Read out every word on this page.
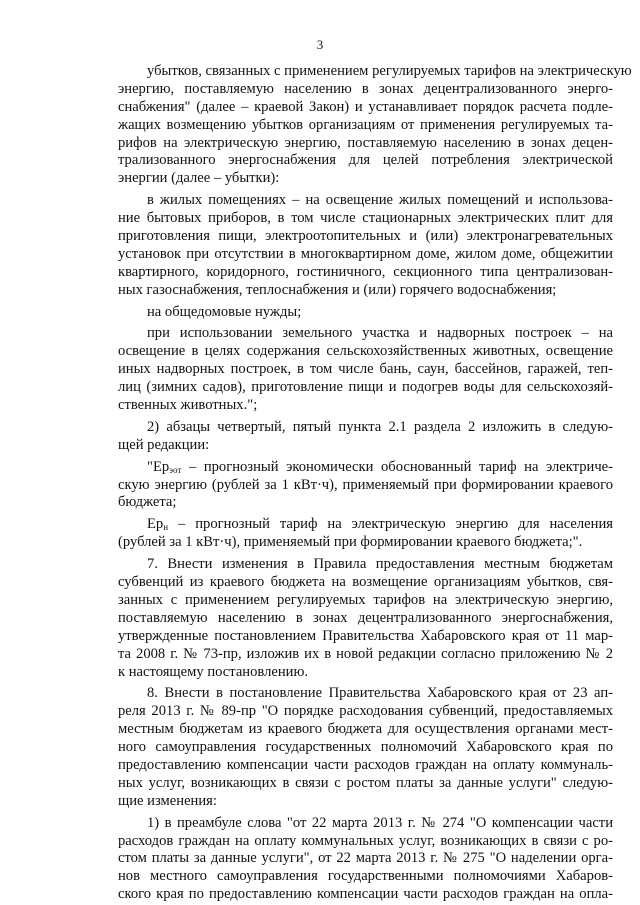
3
убытков, связанных с применением регулируемых тарифов на электрическую
энергию, поставляемую населению в зонах децентрализованного энерго-
снабжения" (далее – краевой Закон) и устанавливает порядок расчета подле-
жащих возмещению убытков организациям от применения регулируемых та-
рифов на электрическую энергию, поставляемую населению в зонах децен-
трализованного энергоснабжения для целей потребления электрической
энергии (далее – убытки):
в жилых помещениях – на освещение жилых помещений и использова-
ние бытовых приборов, в том числе стационарных электрических плит для
приготовления пищи, электроотопительных и (или) электронагревательных
установок при отсутствии в многоквартирном доме, жилом доме, общежитии
квартирного, коридорного, гостиничного, секционного типа централизован-
ных газоснабжения, теплоснабжения и (или) горячего водоснабжения;
на общедомовые нужды;
при использовании земельного участка и надворных построек – на
освещение в целях содержания сельскохозяйственных животных, освещение
иных надворных построек, в том числе бань, саун, бассейнов, гаражей, теп-
лиц (зимних садов), приготовление пищи и подогрев воды для сельскохозяй-
ственных животных.";
2) абзацы четвертый, пятый пункта 2.1 раздела 2 изложить в следую-
щей редакции:
"$Ер_{эот}$ – прогнозный экономически обоснованный тариф на электриче-
скую энергию (рублей за 1 кВт·ч), применяемый при формировании краевого
бюджета;
$Ер_н$ – прогнозный тариф на электрическую энергию для населения
(рублей за 1 кВт·ч), применяемый при формировании краевого бюджета;".
7. Внести изменения в Правила предоставления местным бюджетам
субвенций из краевого бюджета на возмещение организациям убытков, свя-
занных с применением регулируемых тарифов на электрическую энергию,
поставляемую населению в зонах децентрализованного энергоснабжения,
утвержденные постановлением Правительства Хабаровского края от 11 мар-
та 2008 г. № 73-пр, изложив их в новой редакции согласно приложению № 2
к настоящему постановлению.
8. Внести в постановление Правительства Хабаровского края от 23 ап-
реля 2013 г. № 89-пр "О порядке расходования субвенций, предоставляемых
местным бюджетам из краевого бюджета для осуществления органами мест-
ного самоуправления государственных полномочий Хабаровского края по
предоставлению компенсации части расходов граждан на оплату коммуналь-
ных услуг, возникающих в связи с ростом платы за данные услуги" следую-
щие изменения:
1) в преамбуле слова "от 22 марта 2013 г. № 274 "О компенсации части
расходов граждан на оплату коммунальных услуг, возникающих в связи с ро-
стом платы за данные услуги", от 22 марта 2013 г. № 275 "О наделении орга-
нов местного самоуправления государственными полномочиями Хабаров-
ского края по предоставлению компенсации части расходов граждан на опла-
